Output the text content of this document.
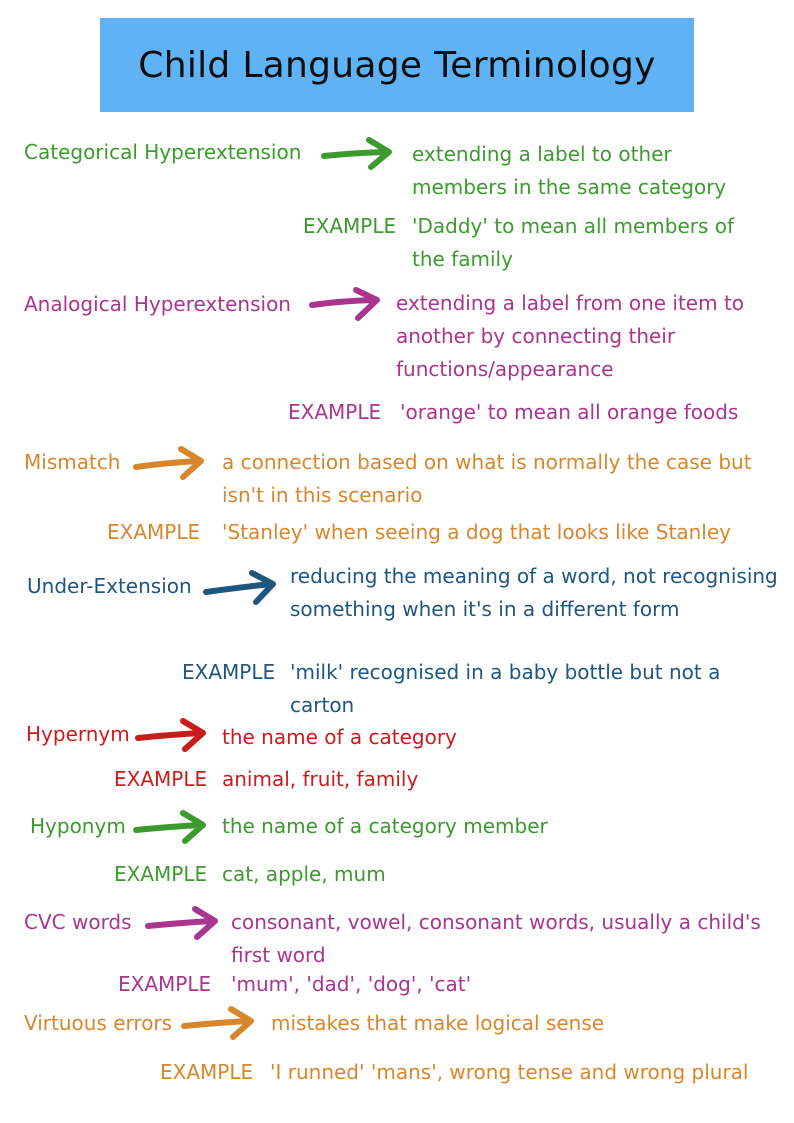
Child Language Terminology

Categorical Hyperextension	extending a label to other members in the same category

EXAMPLE 'Daddy' to mean all members of the family

Analogical Hyperextension	extending a label from one item to another by connecting their functions/appearance

EXAMPLE 'orange' to mean all orange foods

Mismatch	a connection based on what is normally the case but isn't in this scenario

EXAMPLE 'Stanley' when seeing a dog that looks like Stanley

Under-Extension	reducing the meaning of a word, not recognising something when it's in a different form

EXAMPLE 'milk' recognised in a baby bottle but not a carton

Hypernym	the name of a category

EXAMPLE animal, fruit, family

Hyponym	the name of a category member

EXAMPLE cat, apple, mum

CVC words	consonant, vowel, consonant words, usually a child's first word

EXAMPLE 'mum', 'dad', 'dog', 'cat'

Virtuous errors	mistakes that make logical sense

EXAMPLE 'I runned' 'mans', wrong tense and wrong plural
